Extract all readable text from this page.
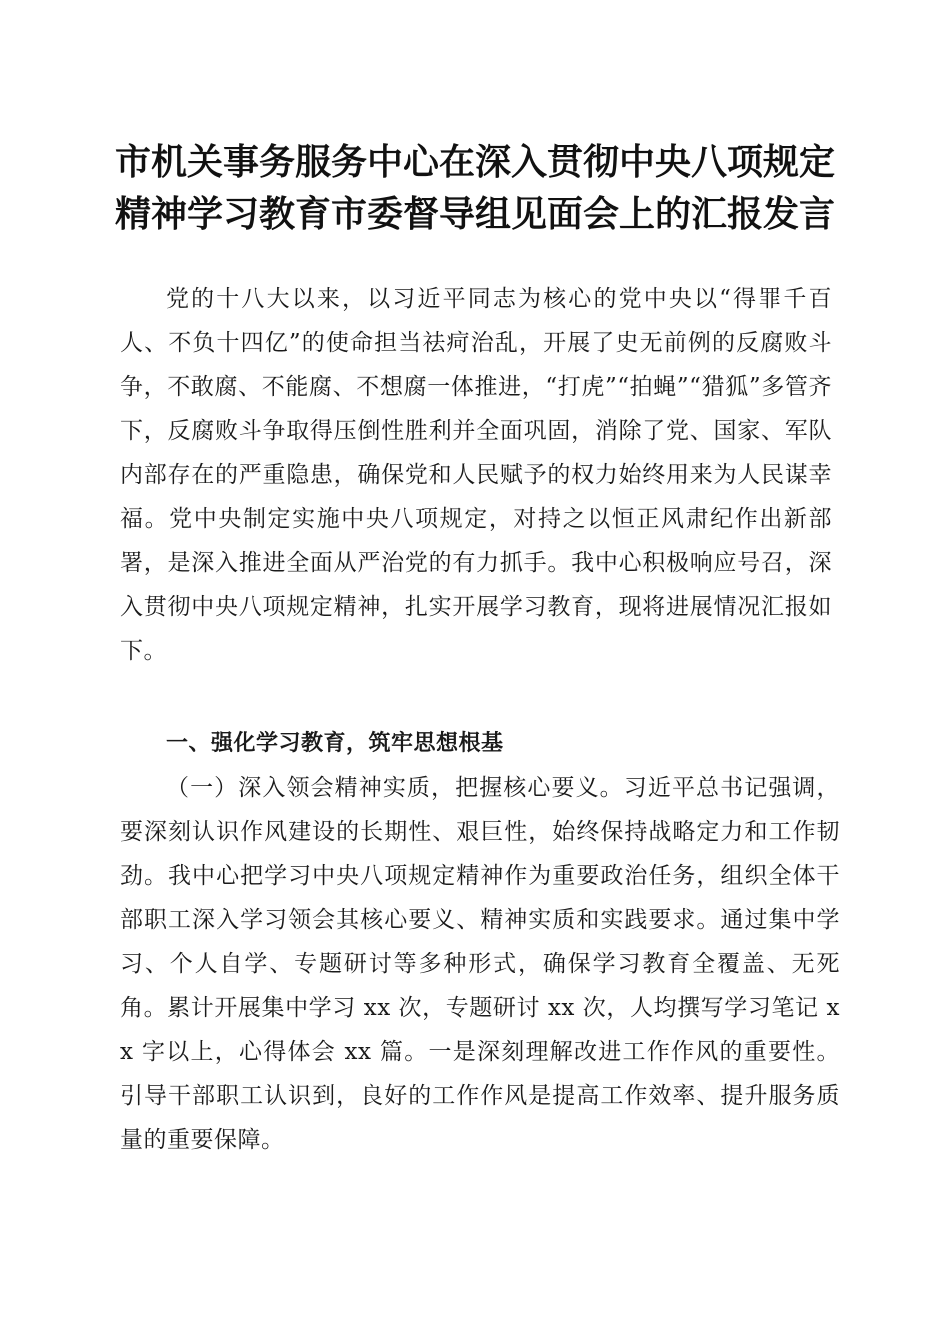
市机关事务服务中心在深入贯彻中央八项规定
精神学习教育市委督导组见面会上的汇报发言

党的十八大以来，以习近平同志为核心的党中央以“得罪千百人、不负十四亿”的使命担当祛疴治乱，开展了史无前例的反腐败斗争，不敢腐、不能腐、不想腐一体推进，“打虎”“拍蝇”“猎狐”多管齐下，反腐败斗争取得压倒性胜利并全面巩固，消除了党、国家、军队内部存在的严重隐患，确保党和人民赋予的权力始终用来为人民谋幸福。党中央制定实施中央八项规定，对持之以恒正风肃纪作出新部署，是深入推进全面从严治党的有力抓手。我中心积极响应号召，深入贯彻中央八项规定精神，扎实开展学习教育，现将进展情况汇报如下。

一、强化学习教育，筑牢思想根基

（一）深入领会精神实质，把握核心要义。习近平总书记强调，要深刻认识作风建设的长期性、艰巨性，始终保持战略定力和工作韧劲。我中心把学习中央八项规定精神作为重要政治任务，组织全体干部职工深入学习领会其核心要义、精神实质和实践要求。通过集中学习、个人自学、专题研讨等多种形式，确保学习教育全覆盖、无死角。累计开展集中学习 xx 次，专题研讨 xx 次，人均撰写学习笔记 xx 字以上，心得体会 xx 篇。一是深刻理解改进工作作风的重要性。引导干部职工认识到，良好的工作作风是提高工作效率、提升服务质量的重要保障。
